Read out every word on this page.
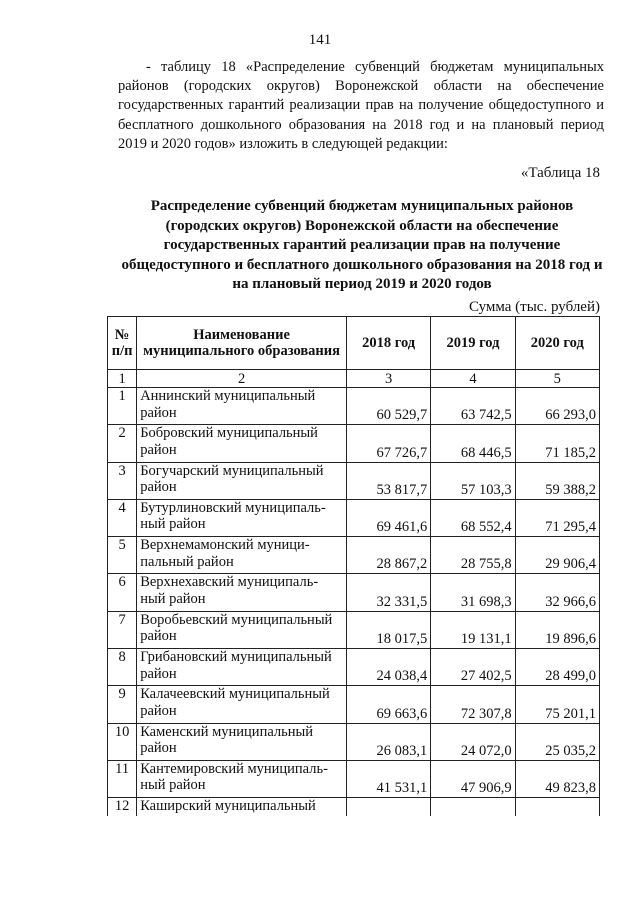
141
- таблицу 18 «Распределение субвенций бюджетам муниципальных районов (городских округов) Воронежской области на обеспечение государственных гарантий реализации прав на получение общедоступного и бесплатного дошкольного образования на 2018 год и на плановый период 2019 и 2020 годов» изложить в следующей редакции:
«Таблица 18
Распределение субвенций бюджетам муниципальных районов (городских округов) Воронежской области на обеспечение государственных гарантий реализации прав на получение общедоступного и бесплатного дошкольного образования на 2018 год и на плановый период 2019 и 2020 годов
Сумма (тыс. рублей)
№ п/п	Наименование муниципального образования	2018 год	2019 год	2020 год
1	2	3	4	5
1	Аннинский муниципальный район	60 529,7	63 742,5	66 293,0
2	Бобровский муниципальный район	67 726,7	68 446,5	71 185,2
3	Богучарский муниципальный район	53 817,7	57 103,3	59 388,2
4	Бутурлиновский муниципаль-ный район	69 461,6	68 552,4	71 295,4
5	Верхнемамонский муници-пальный район	28 867,2	28 755,8	29 906,4
6	Верхнехавский муниципаль-ный район	32 331,5	31 698,3	32 966,6
7	Воробьевский муниципальный район	18 017,5	19 131,1	19 896,6
8	Грибановский муниципальный район	24 038,4	27 402,5	28 499,0
9	Калачеевский муниципальный район	69 663,6	72 307,8	75 201,1
10	Каменский муниципальный район	26 083,1	24 072,0	25 035,2
11	Кантемировский муниципаль-ный район	41 531,1	47 906,9	49 823,8
12	Каширский муниципальный			
